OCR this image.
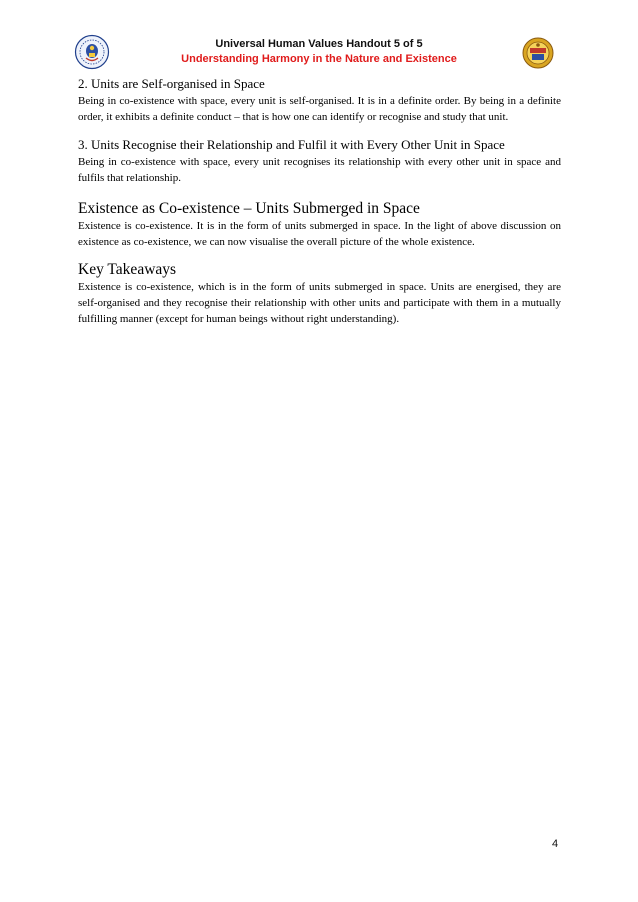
Universal Human Values Handout 5 of 5
Understanding Harmony in the Nature and Existence
2. Units are Self-organised in Space

Being in co-existence with space, every unit is self-organised. It is in a definite order. By being in a definite order, it exhibits a definite conduct – that is how one can identify or recognise and study that unit.

3. Units Recognise their Relationship and Fulfil it with Every Other Unit in Space

Being in co-existence with space, every unit recognises its relationship with every other unit in space and fulfils that relationship.

Existence as Co-existence – Units Submerged in Space

Existence is co-existence. It is in the form of units submerged in space. In the light of above discussion on existence as co-existence, we can now visualise the overall picture of the whole existence.

Key Takeaways

Existence is co-existence, which is in the form of units submerged in space. Units are energised, they are self-organised and they recognise their relationship with other units and participate with them in a mutually fulfilling manner (except for human beings without right understanding).

4
